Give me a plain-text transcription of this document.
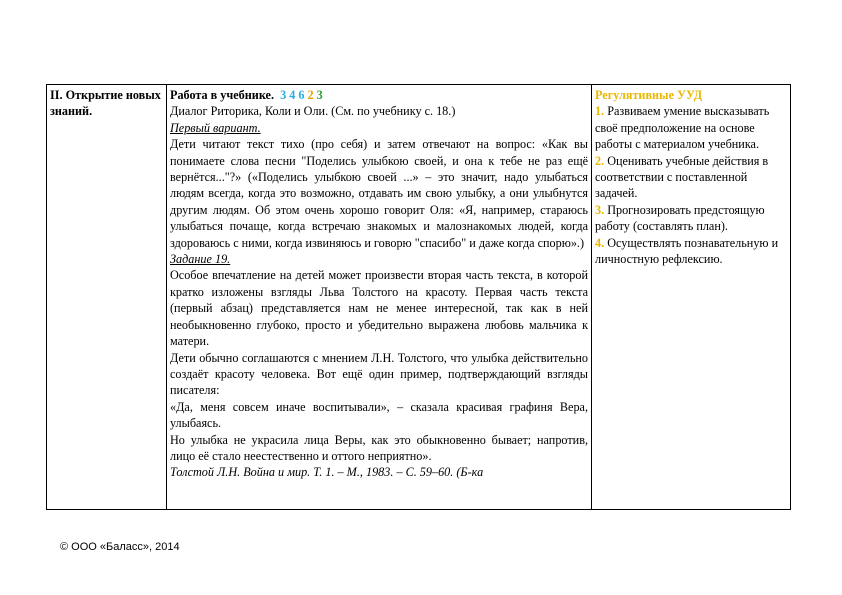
II. Открытие новых знаний.

Работа в учебнике. 3 4 6 2 3
Диалог Риторика, Коли и Оли. (См. по учебнику с. 18.)
Первый вариант.
Дети читают текст тихо (про себя) и затем отвечают на вопрос: «Как вы понимаете слова песни "Поделись улыбкою своей, и она к тебе не раз ещё вернётся..."?» («Поделись улыбкою своей ...» – это значит, надо улыбаться людям всегда, когда это возможно, отдавать им свою улыбку, а они улыбнутся другим людям. Об этом очень хорошо говорит Оля: «Я, например, стараюсь улыбаться почаще, когда встречаю знакомых и малознакомых людей, когда здороваюсь с ними, когда извиняюсь и говорю "спасибо" и даже когда спорю».)
Задание 19.
Особое впечатление на детей может произвести вторая часть текста, в которой кратко изложены взгляды Льва Толстого на красоту. Первая часть текста (первый абзац) представляется нам не менее интересной, так как в ней необыкновенно глубоко, просто и убедительно выражена любовь мальчика к матери.
Дети обычно соглашаются с мнением Л.Н. Толстого, что улыбка действительно создаёт красоту человека. Вот ещё один пример, подтверждающий взгляды писателя:
«Да, меня совсем иначе воспитывали», – сказала красивая графиня Вера, улыбаясь.
Но улыбка не украсила лица Веры, как это обыкновенно бывает; напротив, лицо её стало неестественно и оттого неприятно».
Толстой Л.Н. Война и мир. Т. 1. – М., 1983. – С. 59–60. (Б-ка

Регулятивные УУД
1. Развиваем умение высказывать своё предположение на основе работы с материалом учебника.
2. Оценивать учебные действия в соответствии с поставленной задачей.
3. Прогнозировать предстоящую работу (составлять план).
4. Осуществлять познавательную и личностную рефлексию.
© ООО «Баласс», 2014
